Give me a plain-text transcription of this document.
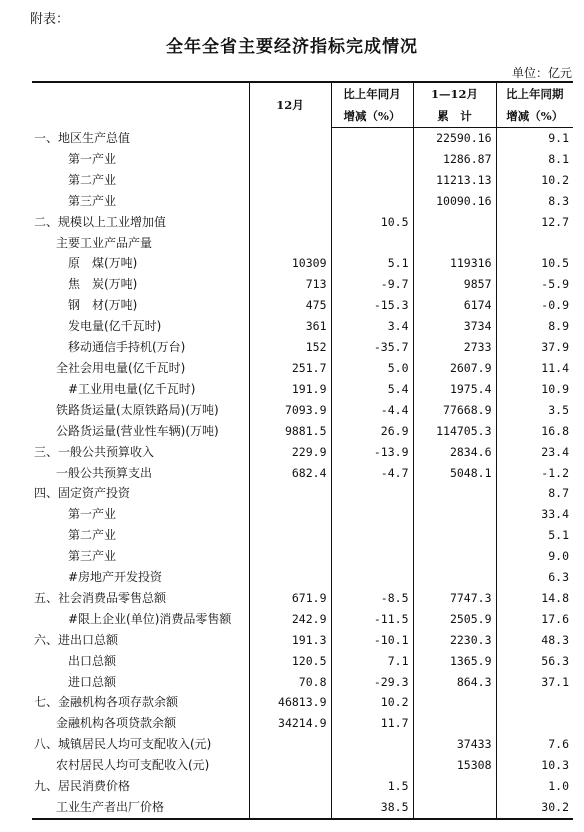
附表：
全年全省主要经济指标完成情况
单位：亿元
	12月	比上年同月	1—12月	比上年同期
		增减（%）	累　计	增减（%）
一、地区生产总值			22590.16	9.1
第一产业			1286.87	8.1
第二产业			11213.13	10.2
第三产业			10090.16	8.3
二、规模以上工业增加值		10.5		12.7
主要工业产品产量				
原　煤(万吨)	10309	5.1	119316	10.5
焦　炭(万吨)	713	-9.7	9857	-5.9
钢　材(万吨)	475	-15.3	6174	-0.9
发电量(亿千瓦时)	361	3.4	3734	8.9
移动通信手持机(万台)	152	-35.7	2733	37.9
全社会用电量(亿千瓦时)	251.7	5.0	2607.9	11.4
#工业用电量(亿千瓦时)	191.9	5.4	1975.4	10.9
铁路货运量(太原铁路局)(万吨)	7093.9	-4.4	77668.9	3.5
公路货运量(营业性车辆)(万吨)	9881.5	26.9	114705.3	16.8
三、一般公共预算收入	229.9	-13.9	2834.6	23.4
一般公共预算支出	682.4	-4.7	5048.1	-1.2
四、固定资产投资				8.7
第一产业				33.4
第二产业				5.1
第三产业				9.0
#房地产开发投资				6.3
五、社会消费品零售总额	671.9	-8.5	7747.3	14.8
#限上企业(单位)消费品零售额	242.9	-11.5	2505.9	17.6
六、进出口总额	191.3	-10.1	2230.3	48.3
出口总额	120.5	7.1	1365.9	56.3
进口总额	70.8	-29.3	864.3	37.1
七、金融机构各项存款余额	46813.9	10.2		
金融机构各项贷款余额	34214.9	11.7		
八、城镇居民人均可支配收入(元)			37433	7.6
农村居民人均可支配收入(元)			15308	10.3
九、居民消费价格		1.5		1.0
工业生产者出厂价格		38.5		30.2
